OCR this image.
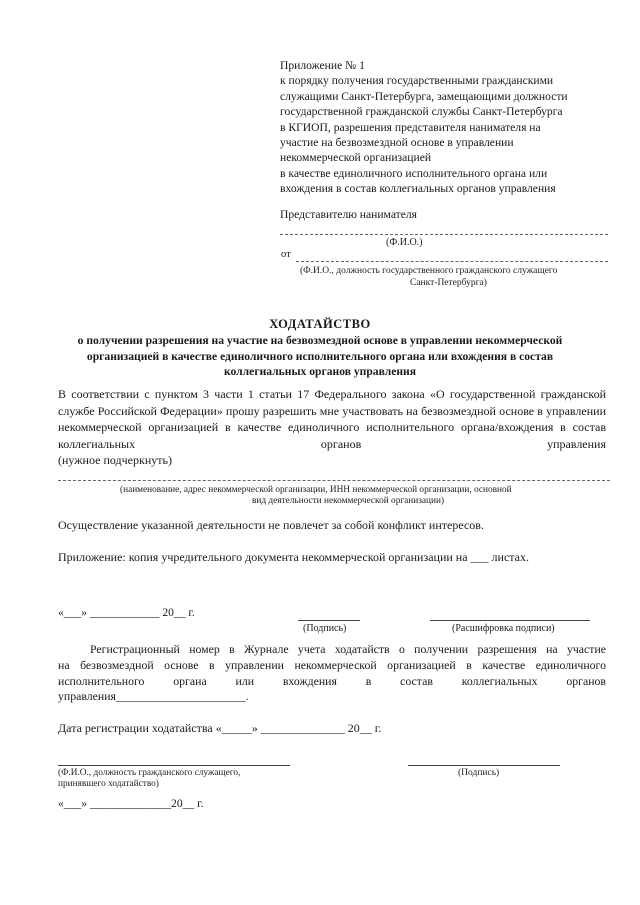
Приложение № 1
к порядку получения государственными гражданскими
служащими Санкт-Петербурга, замещающими должности
государственной гражданской службы Санкт-Петербурга
в КГИОП, разрешения представителя нанимателя на
участие на безвозмездной основе в управлении
некоммерческой организацией
в качестве единоличного исполнительного органа или
вхождения в состав коллегиальных органов управления
Представителю нанимателя
(Ф.И.О.)
от
(Ф.И.О., должность государственного гражданского служащего
Санкт-Петербурга)
ХОДАТАЙСТВО
о получении разрешения на участие на безвозмездной основе в управлении некоммерческой
организацией в качестве единоличного исполнительного органа или вхождения в состав
коллегиальных органов управления
В соответствии с пунктом 3 части 1 статьи 17 Федерального закона «О государственной гражданской службе Российской Федерации» прошу разрешить мне участвовать на безвозмездной основе в управлении некоммерческой организацией в качестве единоличного исполнительного органа/вхождения в состав коллегиальных органов управления
(нужное подчеркнуть)
(наименование, адрес некоммерческой организации, ИНН некоммерческой организации, основной
вид деятельности некоммерческой организации)
Осуществление указанной деятельности не повлечет за собой конфликт интересов.
Приложение: копия учредительного документа некоммерческой организации на ___ листах.
«___» ____________ 20__ г.
(Подпись)	(Расшифровка подписи)
Регистрационный номер в Журнале учета ходатайств о получении разрешения на участие
на безвозмездной основе в управлении некоммерческой организацией в качестве единоличного
исполнительного органа или вхождения в состав коллегиальных органов
управления______________________.
Дата регистрации ходатайства «_____» ______________ 20__ г.
(Ф.И.О., должность гражданского служащего,
принявшего ходатайство)
(Подпись)
«___» ______________20__ г.
